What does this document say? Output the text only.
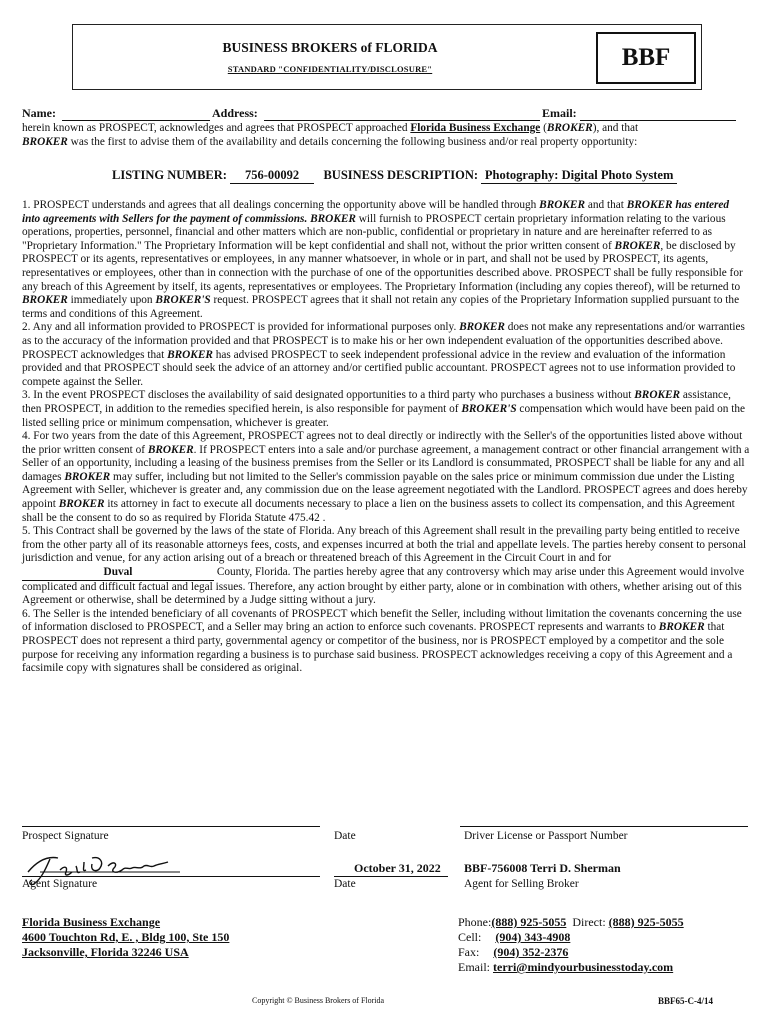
BUSINESS BROKERS of FLORIDA
STANDARD "CONFIDENTIALITY/DISCLOSURE"	BBF
Name:	Address:	Email:
herein known as PROSPECT, acknowledges and agrees that PROSPECT approached Florida Business Exchange (BROKER), and that
BROKER was the first to advise them of the availability and details concerning the following business and/or real property opportunity:
LISTING NUMBER: 756-00092 BUSINESS DESCRIPTION: Photography: Digital Photo System
1. PROSPECT understands and agrees that all dealings concerning the opportunity above will be handled through BROKER and that BROKER has entered into agreements with Sellers for the payment of commissions. BROKER will furnish to PROSPECT certain proprietary information relating to the various operations, properties, personnel, financial and other matters which are non-public, confidential or proprietary in nature and are hereinafter referred to as "Proprietary Information." The Proprietary Information will be kept confidential and shall not, without the prior written consent of BROKER, be disclosed by PROSPECT or its agents, representatives or employees, in any manner whatsoever, in whole or in part, and shall not be used by PROSPECT, its agents, representatives or employees, other than in connection with the purchase of one of the opportunities described above. PROSPECT shall be fully responsible for any breach of this Agreement by itself, its agents, representatives or employees. The Proprietary Information (including any copies thereof), will be returned to BROKER immediately upon BROKER'S request. PROSPECT agrees that it shall not retain any copies of the Proprietary Information supplied pursuant to the terms and conditions of this Agreement.
2. Any and all information provided to PROSPECT is provided for informational purposes only. BROKER does not make any representations and/or warranties as to the accuracy of the information provided and that PROSPECT is to make his or her own independent evaluation of the opportunities described above. PROSPECT acknowledges that BROKER has advised PROSPECT to seek independent professional advice in the review and evaluation of the information provided and that PROSPECT should seek the advice of an attorney and/or certified public accountant. PROSPECT agrees not to use information provided to compete against the Seller.
3. In the event PROSPECT discloses the availability of said designated opportunities to a third party who purchases a business without BROKER assistance, then PROSPECT, in addition to the remedies specified herein, is also responsible for payment of BROKER'S compensation which would have been paid on the listed selling price or minimum compensation, whichever is greater.
4. For two years from the date of this Agreement, PROSPECT agrees not to deal directly or indirectly with the Seller's of the opportunities listed above without the prior written consent of BROKER. If PROSPECT enters into a sale and/or purchase agreement, a management contract or other financial arrangement with a Seller of an opportunity, including a leasing of the business premises from the Seller or its Landlord is consummated, PROSPECT shall be liable for any and all damages BROKER may suffer, including but not limited to the Seller's commission payable on the sales price or minimum commission due under the Listing Agreement with Seller, whichever is greater and, any commission due on the lease agreement negotiated with the Landlord. PROSPECT agrees and does hereby appoint BROKER its attorney in fact to execute all documents necessary to place a lien on the business assets to collect its compensation, and this Agreement shall be the consent to do so as required by Florida Statute 475.42 .
5. This Contract shall be governed by the laws of the state of Florida. Any breach of this Agreement shall result in the prevailing party being entitled to receive from the other party all of its reasonable attorneys fees, costs, and expenses incurred at both the trial and appellate levels. The parties hereby consent to personal jurisdiction and venue, for any action arising out of a breach or threatened breach of this Agreement in the Circuit Court in and for Duval	County, Florida. The parties hereby agree that any controversy which may arise under this Agreement would involve complicated and difficult factual and legal issues. Therefore, any action brought by either party, alone or in combination with others, whether arising out of this Agreement or otherwise, shall be determined by a Judge sitting without a jury.
6. The Seller is the intended beneficiary of all covenants of PROSPECT which benefit the Seller, including without limitation the covenants concerning the use of information disclosed to PROSPECT, and a Seller may bring an action to enforce such covenants. PROSPECT represents and warrants to BROKER that PROSPECT does not represent a third party, governmental agency or competitor of the business, nor is PROSPECT employed by a competitor and the sole purpose for receiving any information regarding a business is to purchase said business. PROSPECT acknowledges receiving a copy of this Agreement and a facsimile copy with signatures shall be considered as original.
Prospect Signature	Date	Driver License or Passport Number
October 31, 2022 BBF-756008 Terri D. Sherman
Agent Signature	Date	Agent for Selling Broker
Florida Business Exchange
4600 Touchton Rd, E. , Bldg 100, Ste 150
Jacksonville, Florida 32246 USA
Phone:(888) 925-5055 Direct: (888) 925-5055
Cell: (904) 343-4908
Fax: (904) 352-2376
Email: terri@mindyourbusinesstoday.com
Copyright © Business Brokers of Florida	BBF65-C-4/14
